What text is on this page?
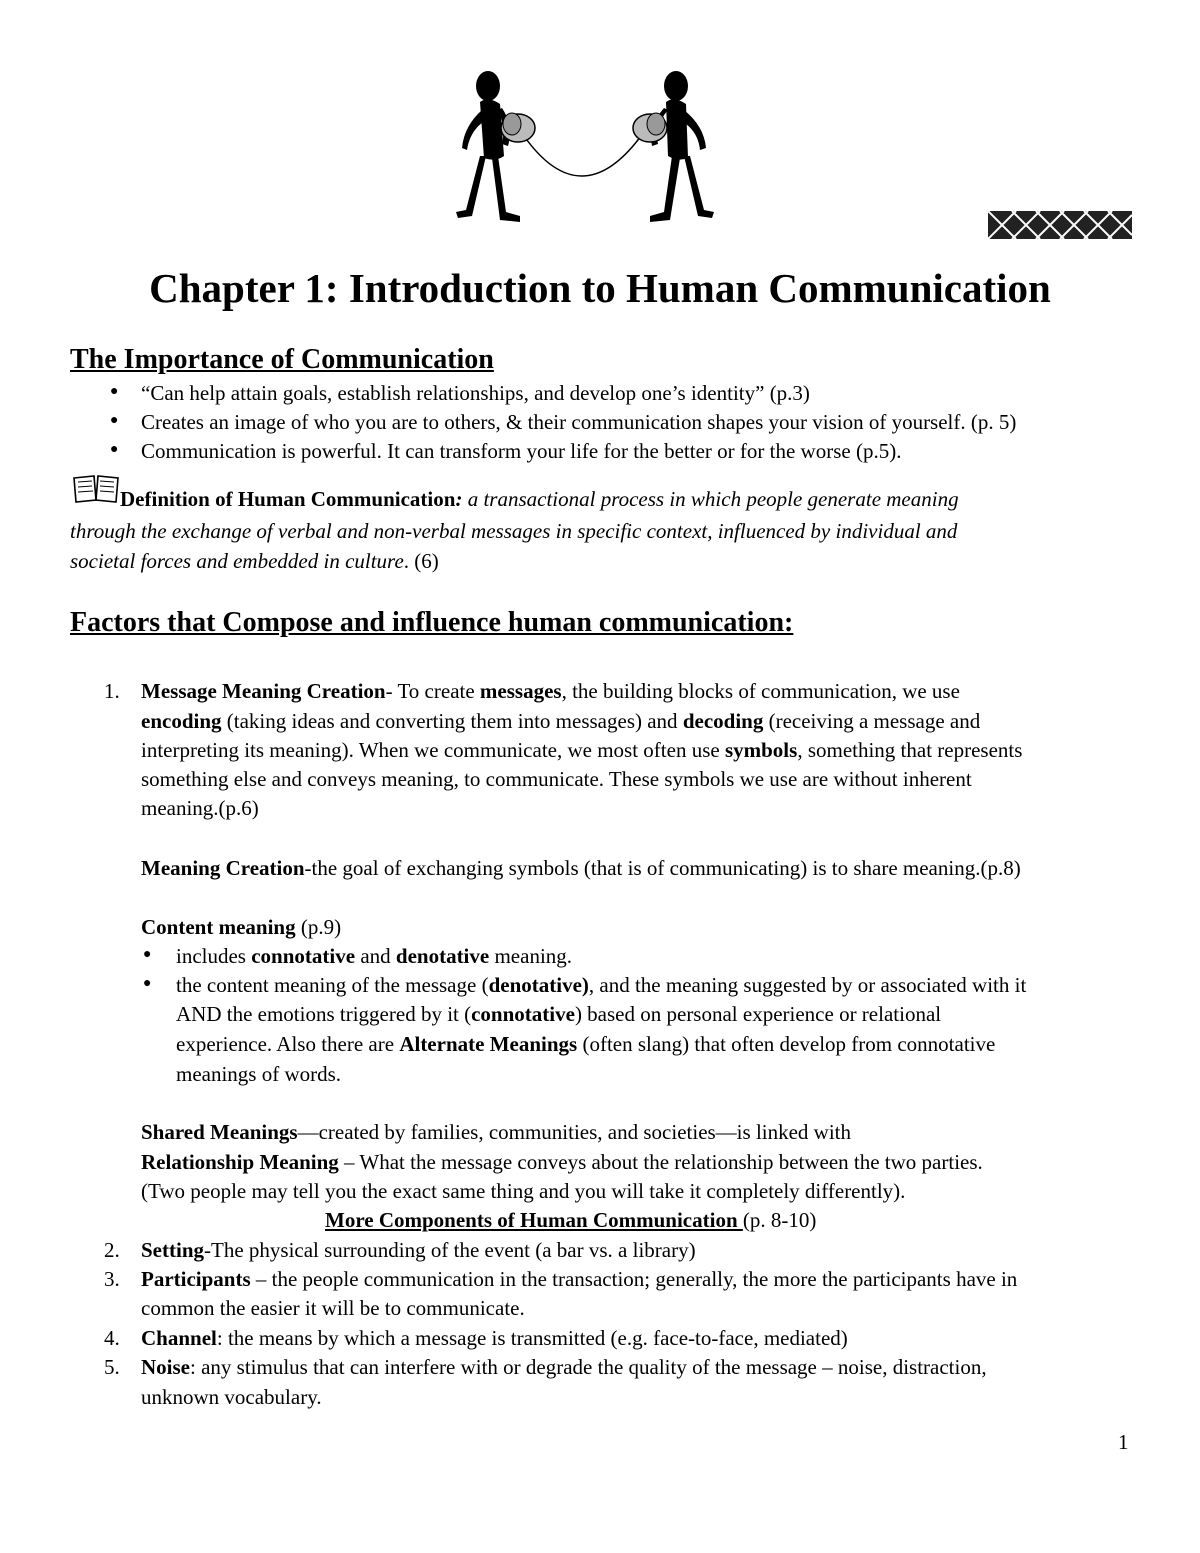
Chapter 1: Introduction to Human Communication
The Importance of Communication
● “Can help attain goals, establish relationships, and develop one’s identity” (p.3)
● Creates an image of who you are to others, & their communication shapes your vision of yourself. (p. 5)
● Communication is powerful. It can transform your life for the better or for the worse (p.5).
Definition of Human Communication: a transactional process in which people generate meaning
through the exchange of verbal and non-verbal messages in specific context, influenced by individual and
societal forces and embedded in culture. (6)
Factors that Compose and influence human communication:
1. Message Meaning Creation- To create messages, the building blocks of communication, we use
encoding (taking ideas and converting them into messages) and decoding (receiving a message and
interpreting its meaning). When we communicate, we most often use symbols, something that represents
something else and conveys meaning, to communicate. These symbols we use are without inherent
meaning.(p.6)
Meaning Creation-the goal of exchanging symbols (that is of communicating) is to share meaning.(p.8)
Content meaning (p.9)
● includes connotative and denotative meaning.
● the content meaning of the message (denotative), and the meaning suggested by or associated with it
AND the emotions triggered by it (connotative) based on personal experience or relational
experience. Also there are Alternate Meanings (often slang) that often develop from connotative
meanings of words.
Shared Meanings—created by families, communities, and societies—is linked with
Relationship Meaning – What the message conveys about the relationship between the two parties.
(Two people may tell you the exact same thing and you will take it completely differently).
More Components of Human Communication (p. 8-10)
2. Setting-The physical surrounding of the event (a bar vs. a library)
3. Participants – the people communication in the transaction; generally, the more the participants have in
common the easier it will be to communicate.
4. Channel: the means by which a message is transmitted (e.g. face-to-face, mediated)
5. Noise: any stimulus that can interfere with or degrade the quality of the message – noise, distraction,
unknown vocabulary.
1
